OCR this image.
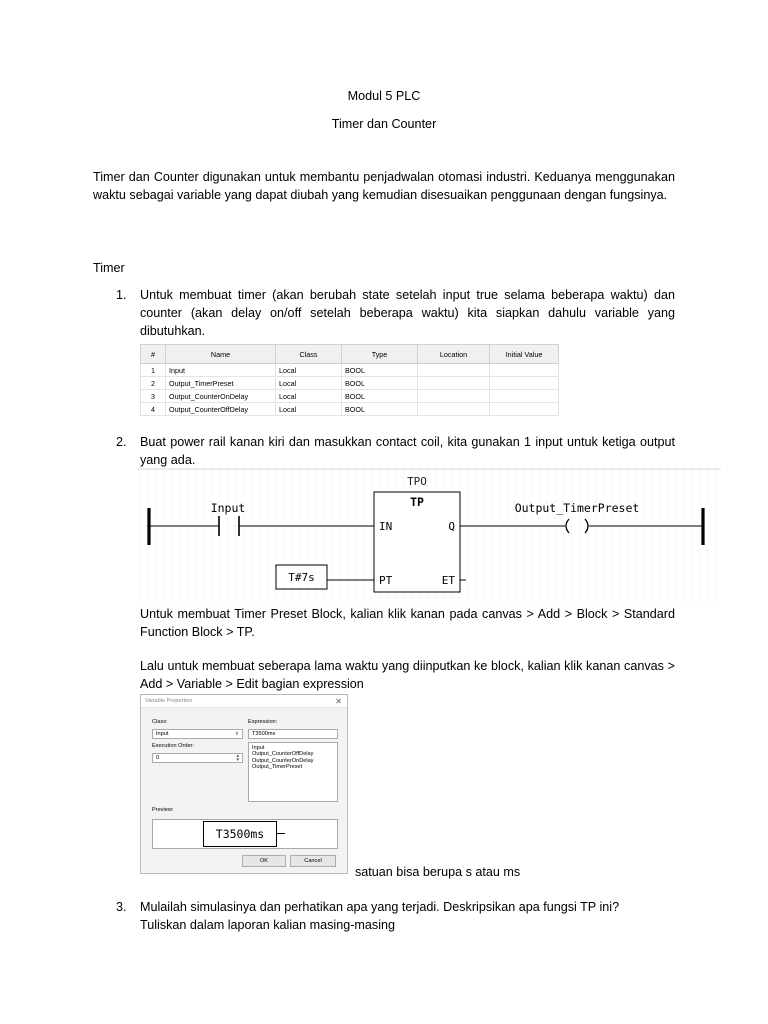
Modul 5 PLC
Timer dan Counter
Timer dan Counter digunakan untuk membantu penjadwalan otomasi industri. Keduanya menggunakan waktu sebagai variable yang dapat diubah yang kemudian disesuaikan penggunaan dengan fungsinya.
Timer
1. Untuk membuat timer (akan berubah state setelah input true selama beberapa waktu) dan counter (akan delay on/off setelah beberapa waktu) kita siapkan dahulu variable yang dibutuhkan.
#	Name	Class	Type	Location	Initial Value
1	Input	Local	BOOL		
2	Output_TimerPreset	Local	BOOL		
3	Output_CounterOnDelay	Local	BOOL		
4	Output_CounterOffDelay	Local	BOOL		
2. Buat power rail kanan kiri dan masukkan contact coil, kita gunakan 1 input untuk ketiga output yang ada.
Input	Output_TimerPreset
TPO
TP
IN	Q
PT	ET
T#7s
Untuk membuat Timer Preset Block, kalian klik kanan pada canvas > Add > Block > Standard Function Block > TP.
Lalu untuk membuat seberapa lama waktu yang diinputkan ke block, kalian klik kanan canvas > Add > Variable > Edit bagian expression
Variable Properties	✕
Class:
Input	∨
Execution Order:
0	▲
▼
Expression:
T3500ms
Input
Output_CounterOffDelay
Output_CounterOnDelay
Output_TimerPreset
Preview:
T3500ms
OK	Cancel
satuan bisa berupa s atau ms
3. Mulailah simulasinya dan perhatikan apa yang terjadi. Deskripsikan apa fungsi TP ini? Tuliskan dalam laporan kalian masing-masing
